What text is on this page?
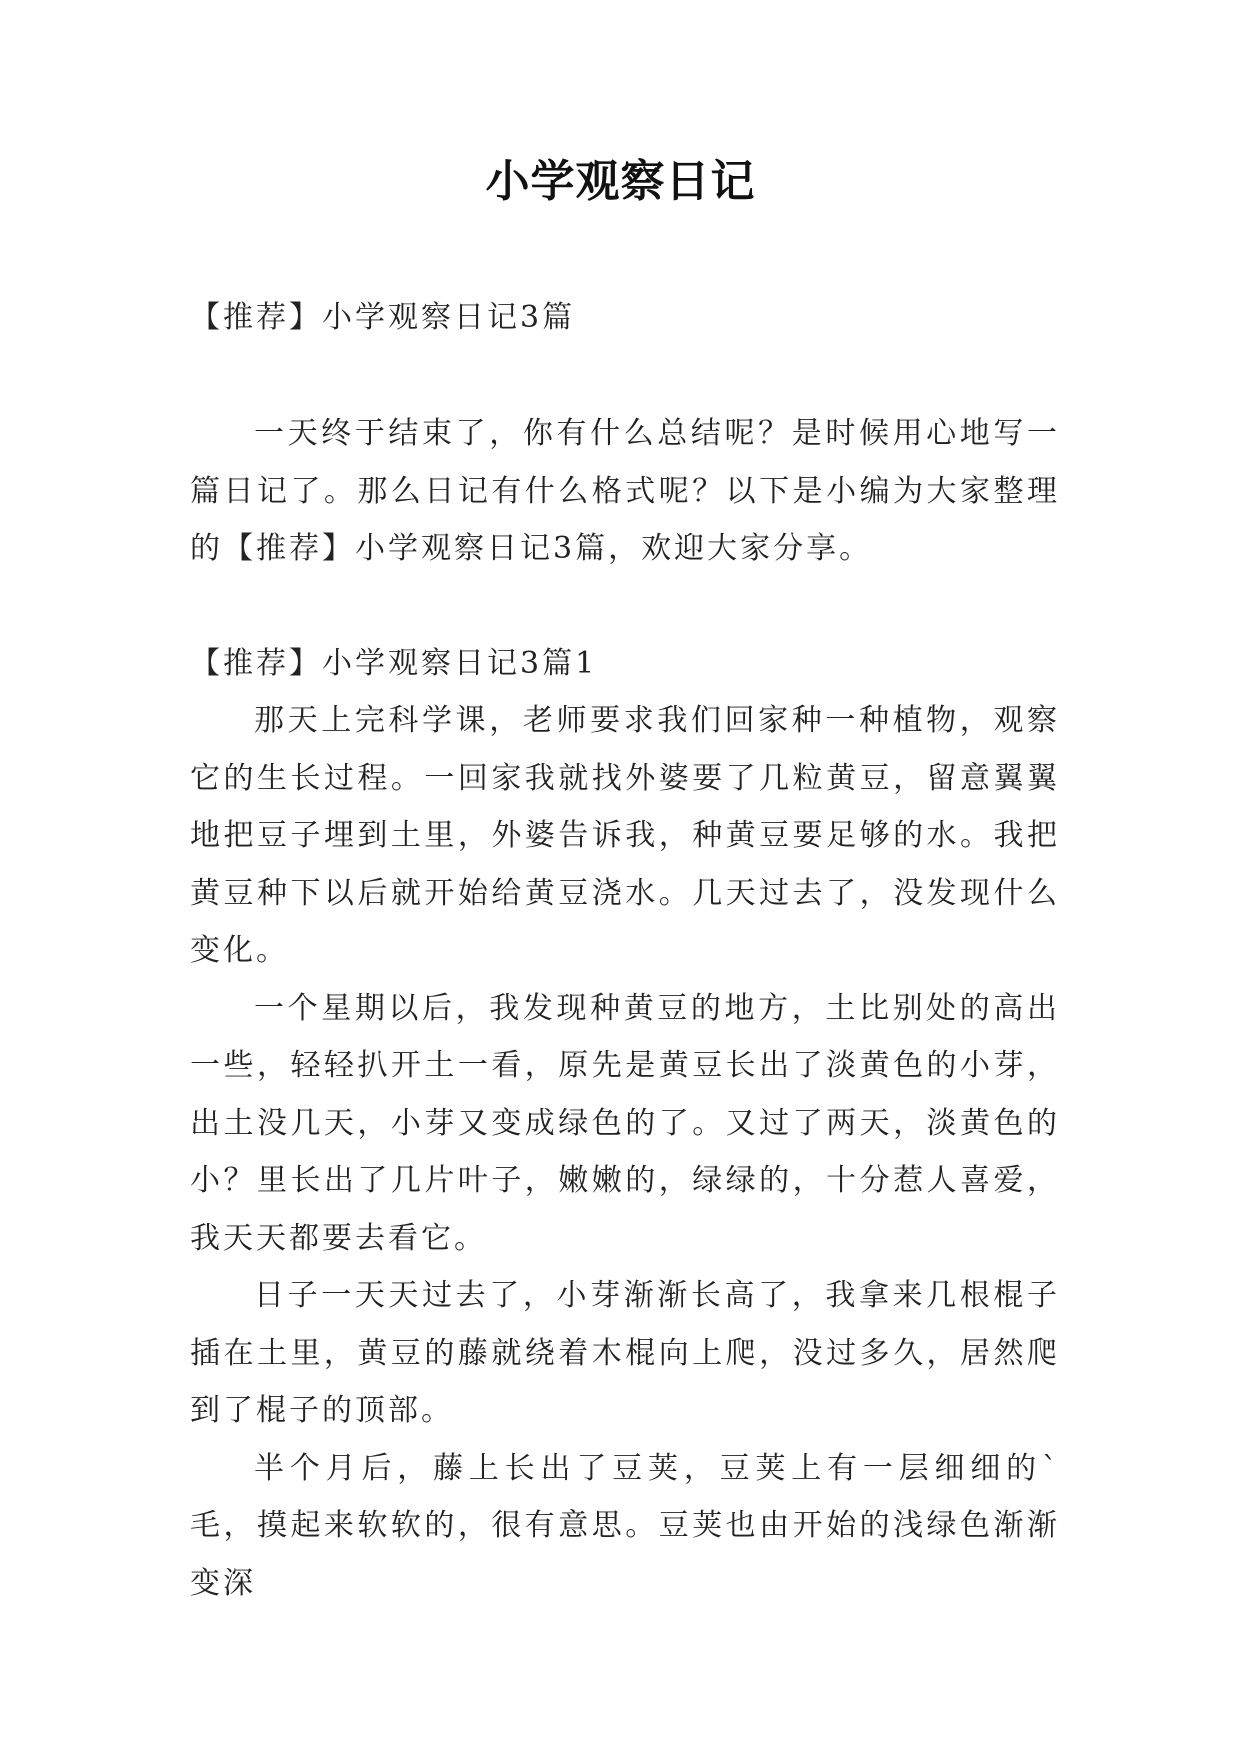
小学观察日记

【推荐】小学观察日记3篇

一天终于结束了，你有什么总结呢？是时候用心地写一篇日记了。那么日记有什么格式呢？以下是小编为大家整理的【推荐】小学观察日记3篇，欢迎大家分享。

【推荐】小学观察日记3篇1

那天上完科学课，老师要求我们回家种一种植物，观察它的生长过程。一回家我就找外婆要了几粒黄豆，留意翼翼地把豆子埋到土里，外婆告诉我，种黄豆要足够的水。我把黄豆种下以后就开始给黄豆浇水。几天过去了，没发现什么变化。

一个星期以后，我发现种黄豆的地方，土比别处的高出一些，轻轻扒开土一看，原先是黄豆长出了淡黄色的小芽，出土没几天，小芽又变成绿色的了。又过了两天，淡黄色的小？里长出了几片叶子，嫩嫩的，绿绿的，十分惹人喜爱，我天天都要去看它。

日子一天天过去了，小芽渐渐长高了，我拿来几根棍子插在土里，黄豆的藤就绕着木棍向上爬，没过多久，居然爬到了棍子的顶部。

半个月后，藤上长出了豆荚，豆荚上有一层细细的`毛，摸起来软软的，很有意思。豆荚也由开始的浅绿色渐渐变深
